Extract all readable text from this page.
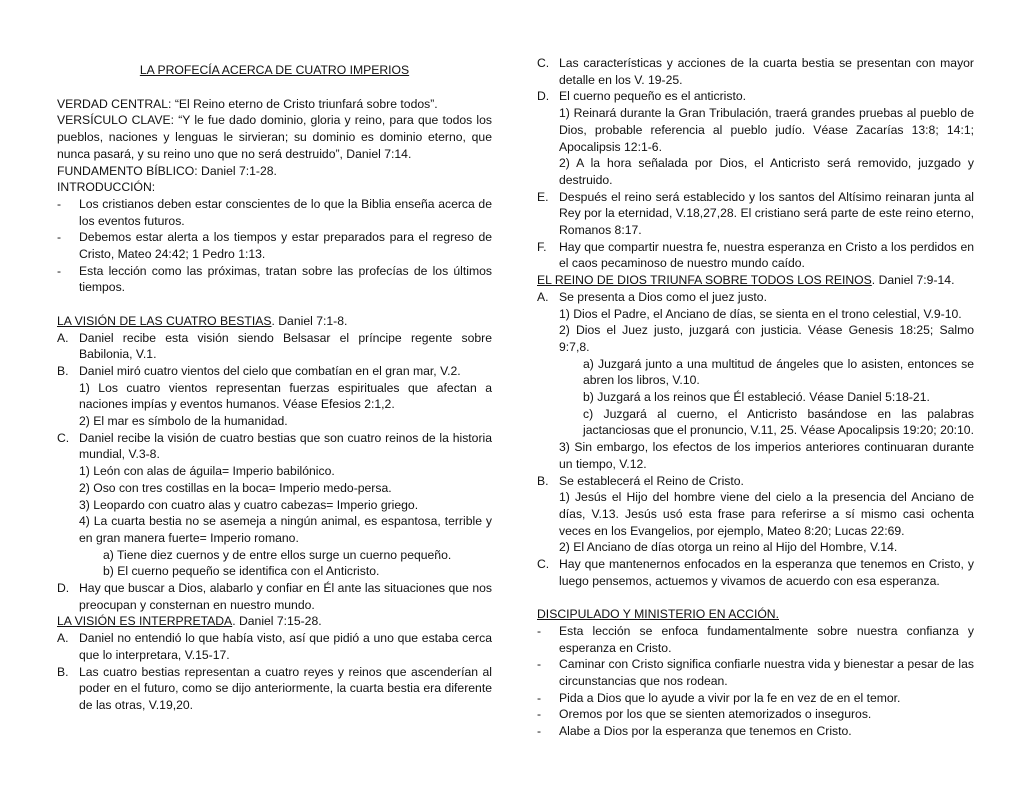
LA PROFECÍA ACERCA DE CUATRO IMPERIOS

VERDAD CENTRAL: “El Reino eterno de Cristo triunfará sobre todos”.

VERSÍCULO CLAVE: “Y le fue dado dominio, gloria y reino, para que todos los pueblos, naciones y lenguas le sirvieran; su dominio es dominio eterno, que nunca pasará, y su reino uno que no será destruido”, Daniel 7:14.

FUNDAMENTO BÍBLICO: Daniel 7:1-28.

INTRODUCCIÓN:

-	Los cristianos deben estar conscientes de lo que la Biblia enseña acerca de los eventos futuros.
-	Debemos estar alerta a los tiempos y estar preparados para el regreso de Cristo, Mateo 24:42; 1 Pedro 1:13.
-	Esta lección como las próximas, tratan sobre las profecías de los últimos tiempos.

LA VISIÓN DE LAS CUATRO BESTIAS. Daniel 7:1-8.

A. Daniel recibe esta visión siendo Belsasar el príncipe regente sobre Babilonia, V.1.
B. Daniel miró cuatro vientos del cielo que combatían en el gran mar, V.2.

1) Los cuatro vientos representan fuerzas espirituales que afectan a naciones impías y eventos humanos. Véase Efesios 2:1,2.

2) El mar es símbolo de la humanidad.

C. Daniel recibe la visión de cuatro bestias que son cuatro reinos de la historia mundial, V.3-8.

1) León con alas de águila= Imperio babilónico.

2) Oso con tres costillas en la boca= Imperio medo-persa.

3) Leopardo con cuatro alas y cuatro cabezas= Imperio griego.

4) La cuarta bestia no se asemeja a ningún animal, es espantosa, terrible y en gran manera fuerte= Imperio romano.

a) Tiene diez cuernos y de entre ellos surge un cuerno pequeño.

b) El cuerno pequeño se identifica con el Anticristo.

D. Hay que buscar a Dios, alabarlo y confiar en Él ante las situaciones que nos preocupan y consternan en nuestro mundo.

LA VISIÓN ES INTERPRETADA. Daniel 7:15-28.

A. Daniel no entendió lo que había visto, así que pidió a uno que estaba cerca que lo interpretara, V.15-17.
B. Las cuatro bestias representan a cuatro reyes y reinos que ascenderían al poder en el futuro, como se dijo anteriormente, la cuarta bestia era diferente de las otras, V.19,20.
C. Las características y acciones de la cuarta bestia se presentan con mayor detalle en los V. 19-25.
D. El cuerno pequeño es el anticristo.

1) Reinará durante la Gran Tribulación, traerá grandes pruebas al pueblo de Dios, probable referencia al pueblo judío. Véase Zacarías 13:8; 14:1; Apocalipsis 12:1-6.

2) A la hora señalada por Dios, el Anticristo será removido, juzgado y destruido.

E. Después el reino será establecido y los santos del Altísimo reinaran junta al Rey por la eternidad, V.18,27,28. El cristiano será parte de este reino eterno, Romanos 8:17.
F.	Hay que compartir nuestra fe, nuestra esperanza en Cristo a los perdidos en el caos pecaminoso de nuestro mundo caído.

EL REINO DE DIOS TRIUNFA SOBRE TODOS LOS REINOS. Daniel 7:9-14.

A. Se presenta a Dios como el juez justo.

1) Dios el Padre, el Anciano de días, se sienta en el trono celestial, V.9-10.

2) Dios el Juez justo, juzgará con justicia. Véase Genesis 18:25; Salmo 9:7,8.

a) Juzgará junto a una multitud de ángeles que lo asisten, entonces se abren los libros, V.10.

b) Juzgará a los reinos que Él estableció. Véase Daniel 5:18-21.

c) Juzgará al cuerno, el Anticristo basándose en las palabras jactanciosas que el pronuncio, V.11, 25. Véase Apocalipsis 19:20; 20:10.

3) Sin embargo, los efectos de los imperios anteriores continuaran durante un tiempo, V.12.

B. Se establecerá el Reino de Cristo.

1) Jesús el Hijo del hombre viene del cielo a la presencia del Anciano de días, V.13. Jesús usó esta frase para referirse a sí mismo casi ochenta veces en los Evangelios, por ejemplo, Mateo 8:20; Lucas 22:69.

2) El Anciano de días otorga un reino al Hijo del Hombre, V.14.

C. Hay que mantenernos enfocados en la esperanza que tenemos en Cristo, y luego pensemos, actuemos y vivamos de acuerdo con esa esperanza.

DISCIPULADO Y MINISTERIO EN ACCIÓN.

-	Esta lección se enfoca fundamentalmente sobre nuestra confianza y esperanza en Cristo.
-	Caminar con Cristo significa confiarle nuestra vida y bienestar a pesar de las circunstancias que nos rodean.
-	Pida a Dios que lo ayude a vivir por la fe en vez de en el temor.
-	Oremos por los que se sienten atemorizados o inseguros.
-	Alabe a Dios por la esperanza que tenemos en Cristo.
